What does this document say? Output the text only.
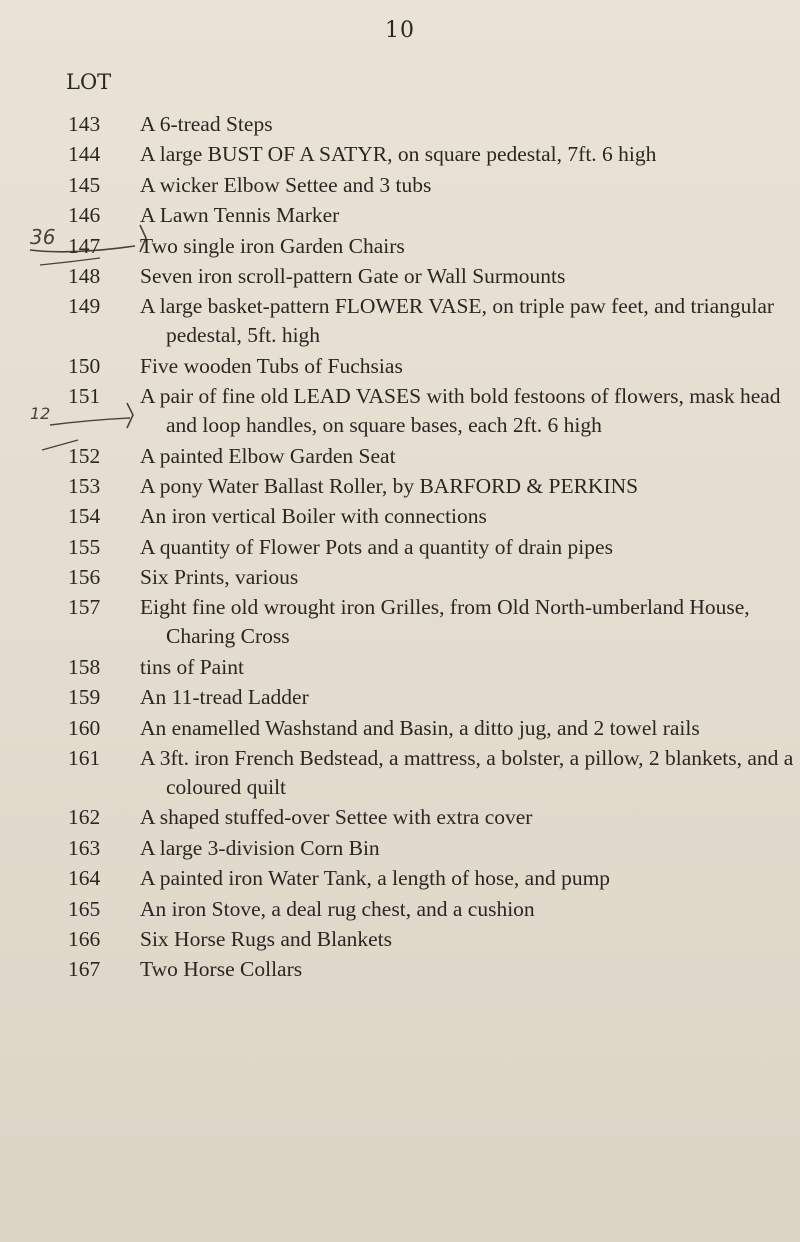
10
LOT
36
12
143	A 6-tread Steps
144	A large BUST OF A SATYR, on square pedestal, 7ft. 6 high
145	A wicker Elbow Settee and 3 tubs
146	A Lawn Tennis Marker
147	Two single iron Garden Chairs
148	Seven iron scroll-pattern Gate or Wall Surmounts
149	A large basket-pattern FLOWER VASE, on triple paw feet, and triangular pedestal, 5ft. high
150	Five wooden Tubs of Fuchsias
151	A pair of fine old LEAD VASES with bold festoons of flowers, mask head and loop handles, on square bases, each 2ft. 6 high
152	A painted Elbow Garden Seat
153	A pony Water Ballast Roller, by BARFORD & PERKINS
154	An iron vertical Boiler with connections
155	A quantity of Flower Pots and a quantity of drain pipes
156	Six Prints, various
157	Eight fine old wrought iron Grilles, from Old North-umberland House, Charing Cross
158	tins of Paint
159	An 11-tread Ladder
160	An enamelled Washstand and Basin, a ditto jug, and 2 towel rails
161	A 3ft. iron French Bedstead, a mattress, a bolster, a pillow, 2 blankets, and a coloured quilt
162	A shaped stuffed-over Settee with extra cover
163	A large 3-division Corn Bin
164	A painted iron Water Tank, a length of hose, and pump
165	An iron Stove, a deal rug chest, and a cushion
166	Six Horse Rugs and Blankets
167	Two Horse Collars
